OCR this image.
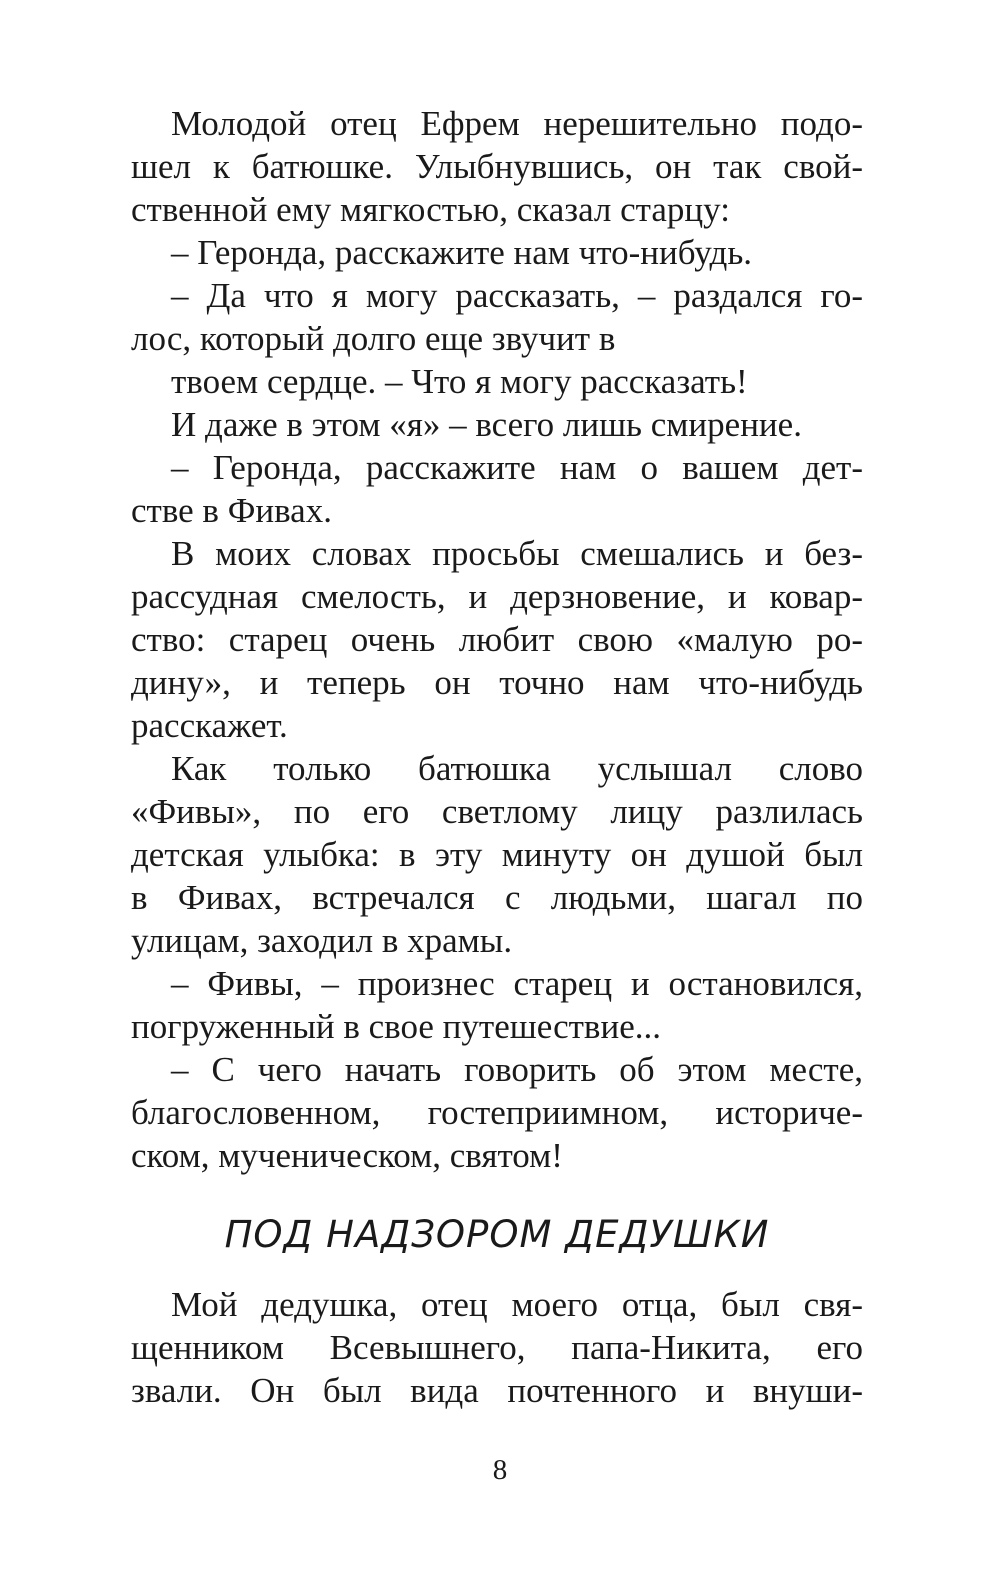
Молодой отец Ефрем нерешительно подо-
шел к батюшке. Улыбнувшись, он так свой-
ственной ему мягкостью, сказал старцу:
– Геронда, расскажите нам что-нибудь.
– Да что я могу рассказать, – раздался го-
лос, который долго еще звучит в
твоем сердце. – Что я могу рассказать!
И даже в этом «я» – всего лишь смирение.
– Геронда, расскажите нам о вашем дет-
стве в Фивах.
В моих словах просьбы смешались и без-
рассудная смелость, и дерзновение, и ковар-
ство: старец очень любит свою «малую ро-
дину», и теперь он точно нам что-нибудь
расскажет.
Как только батюшка услышал слово
«Фивы», по его светлому лицу разлилась
детская улыбка: в эту минуту он душой был
в Фивах, встречался с людьми, шагал по
улицам, заходил в храмы.
– Фивы, – произнес старец и остановился,
погруженный в свое путешествие...
– С чего начать говорить об этом месте,
благословенном, гостеприимном, историче-
ском, мученическом, святом!
ПОД НАДЗОРОМ ДЕДУШКИ
Мой дедушка, отец моего отца, был свя-
щенником Всевышнего, папа-Никита, его
звали. Он был вида почтенного и внуши-
8
